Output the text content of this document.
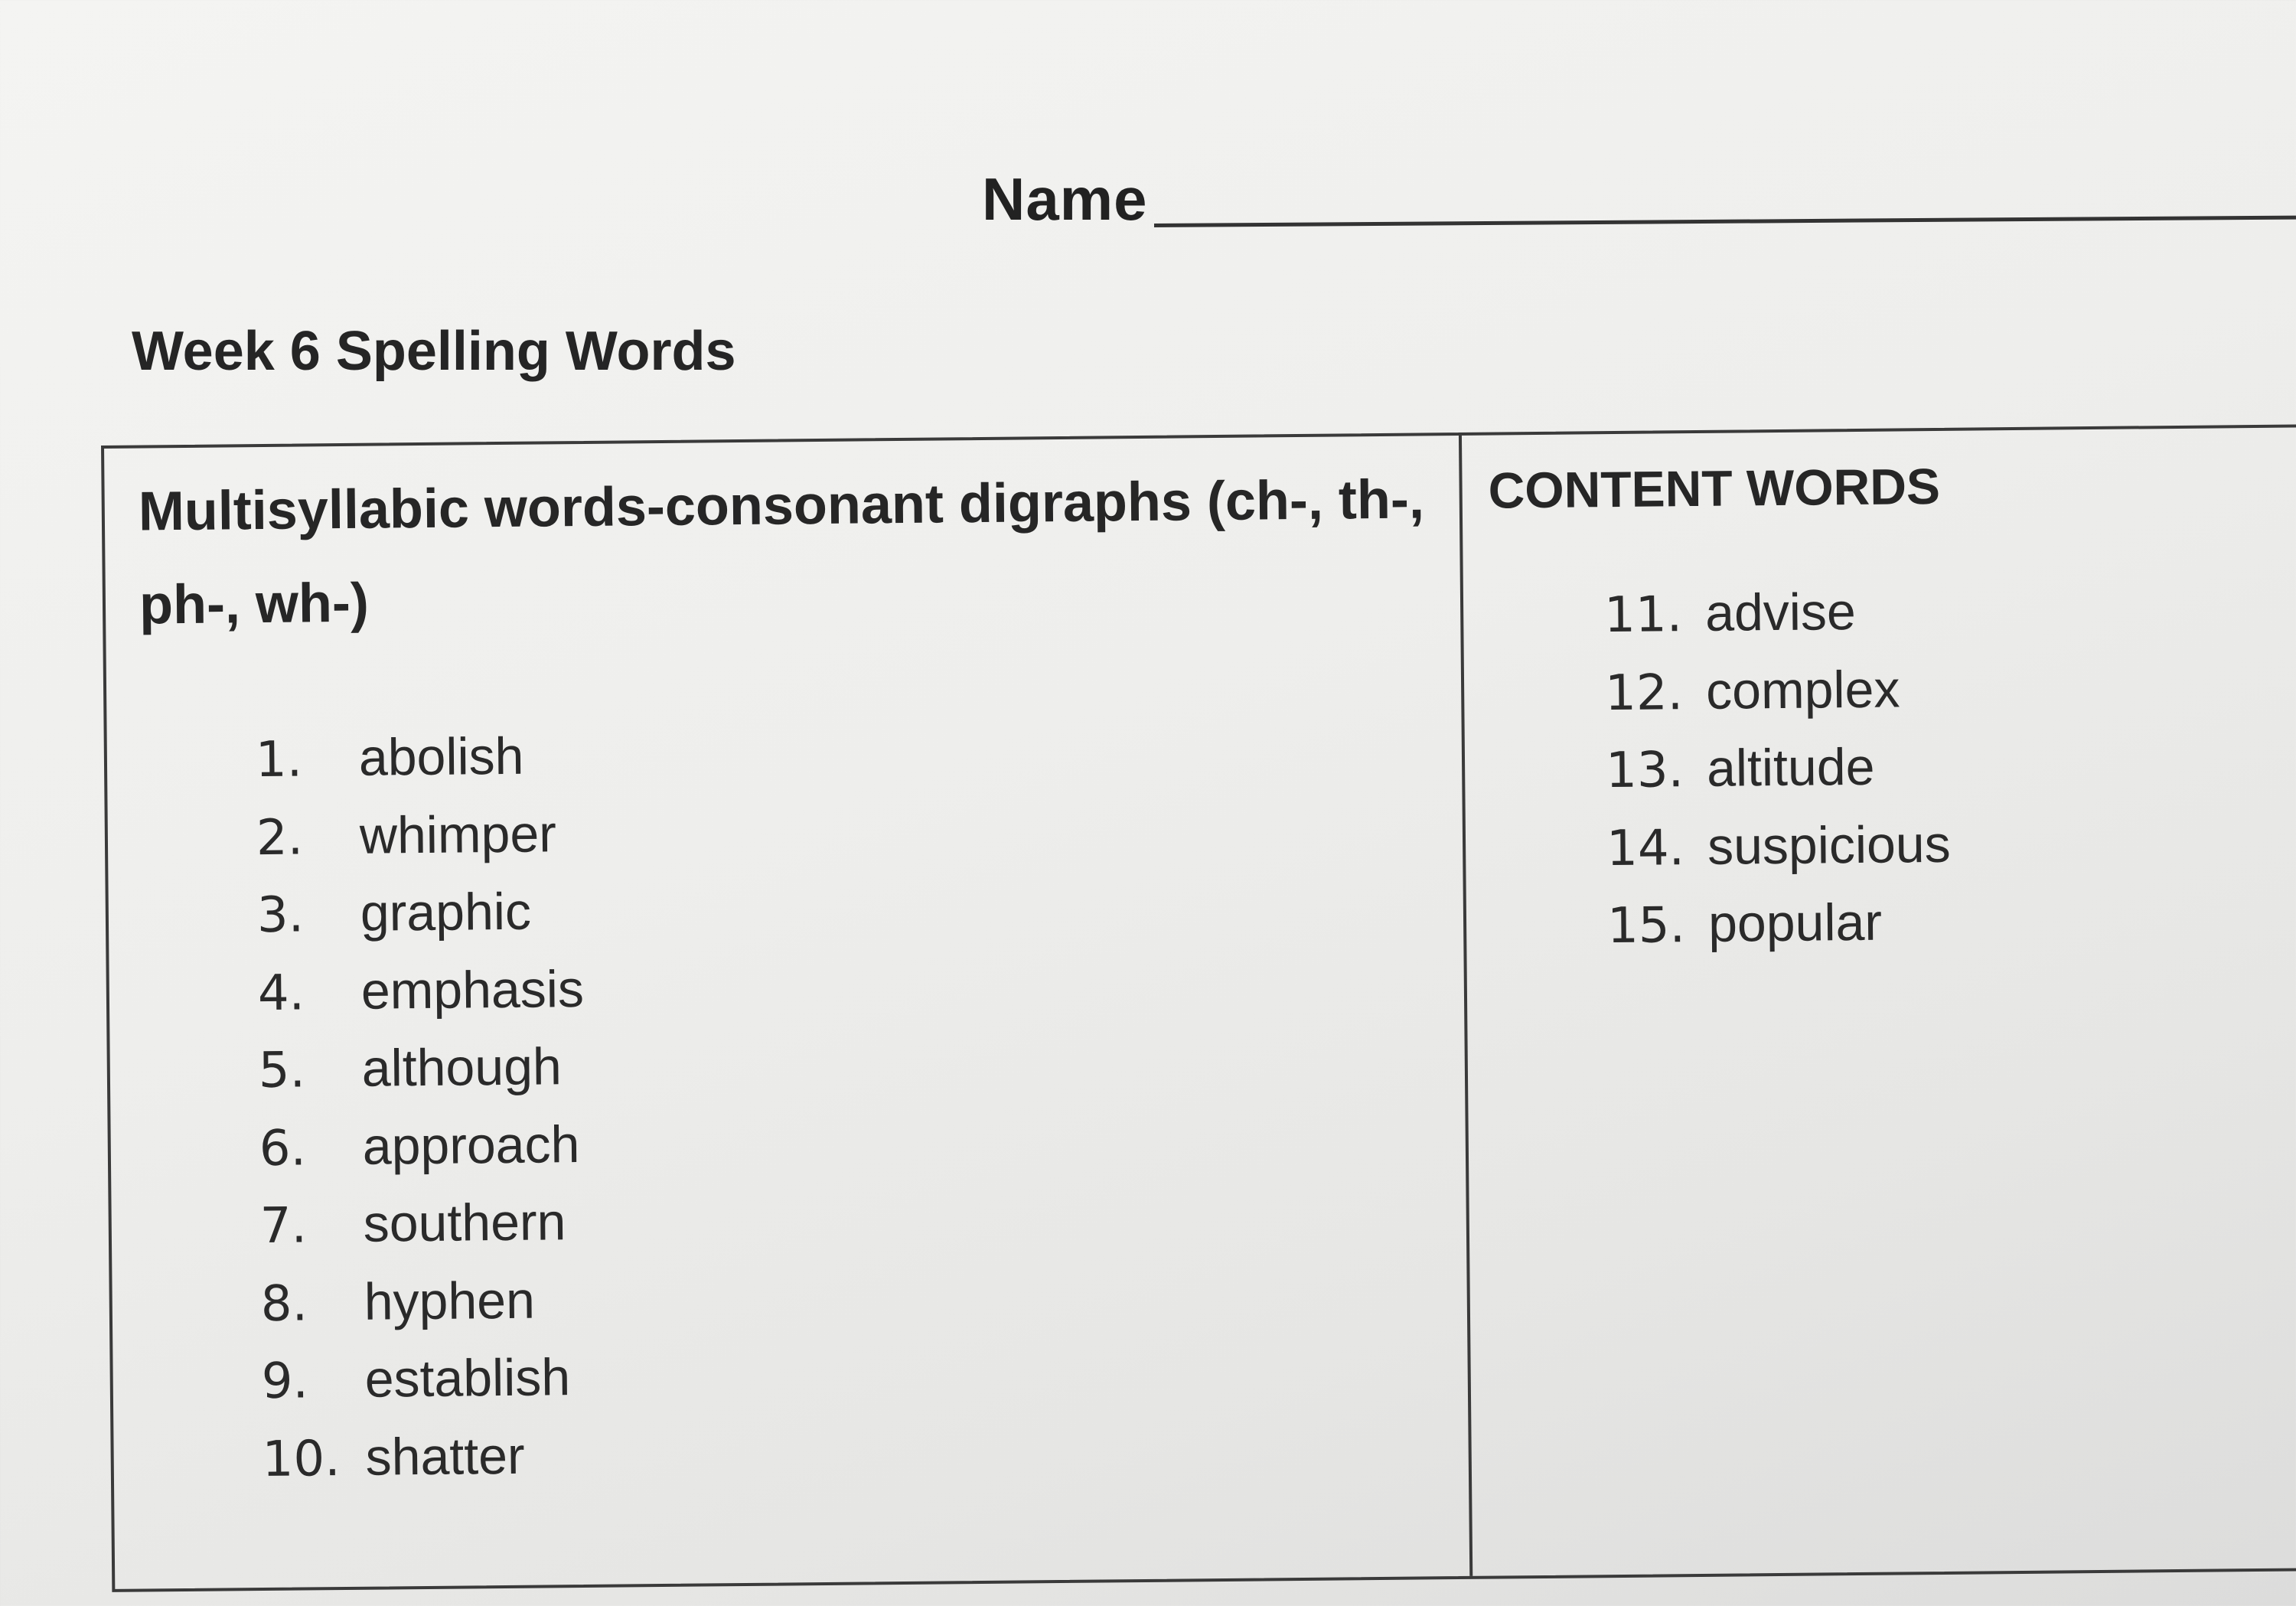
Name
Week 6 Spelling Words

Multisyllabic words-consonant digraphs (ch-, th-, ph-, wh-)

1. abolish
2. whimper
3. graphic
4. emphasis
5. although
6. approach
7. southern
8. hyphen
9. establish
10. shatter

CONTENT WORDS

11. advise
12. complex
13. altitude
14. suspicious
15. popular
